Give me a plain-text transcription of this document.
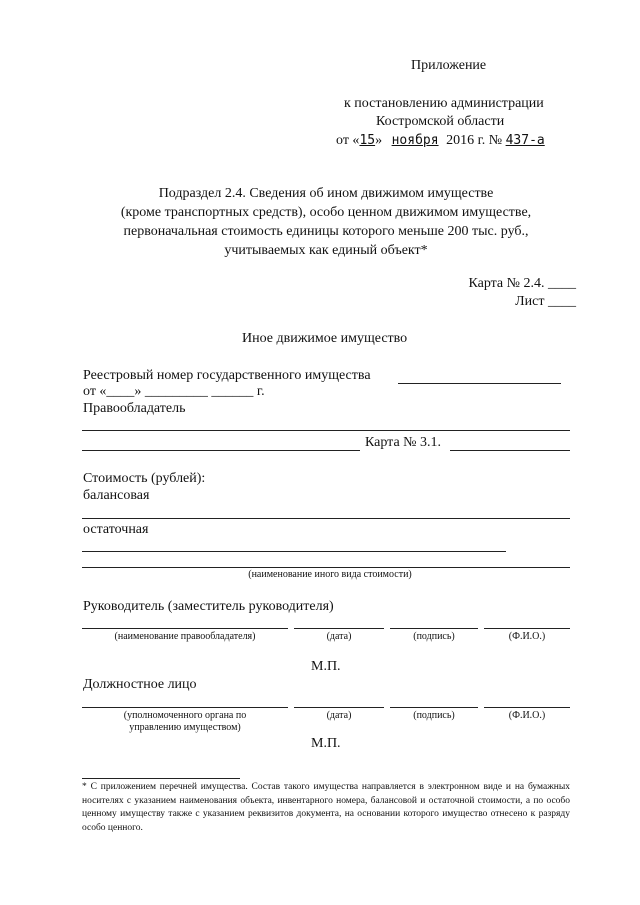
Приложение
к постановлению администрации
Костромской области
от «15» ноября 2016 г. № 437-а
Подраздел 2.4. Сведения об ином движимом имуществе
(кроме транспортных средств), особо ценном движимом имуществе,
первоначальная стоимость единицы которого меньше 200 тыс. руб.,
учитываемых как единый объект*
Карта № 2.4. ____
Лист ____
Иное движимое имущество
Реестровый номер государственного имущества
от «____» _________ ______ г.
Правообладатель
Карта № 3.1.
Стоимость (рублей):
балансовая
остаточная
(наименование иного вида стоимости)
Руководитель (заместитель руководителя)
(наименование правообладателя)	(дата)	(подпись)	(Ф.И.О.)
М.П.
Должностное лицо
(уполномоченного органа по
управлению имуществом)
(дата)	(подпись)	(Ф.И.О.)
М.П.
* С приложением перечней имущества. Состав такого имущества направляется в электронном виде и на бумажных носителях с указанием наименования объекта, инвентарного номера, балансовой и остаточной стоимости, а по особо ценному имуществу также с указанием реквизитов документа, на основании которого имущество отнесено к разряду особо ценного.
